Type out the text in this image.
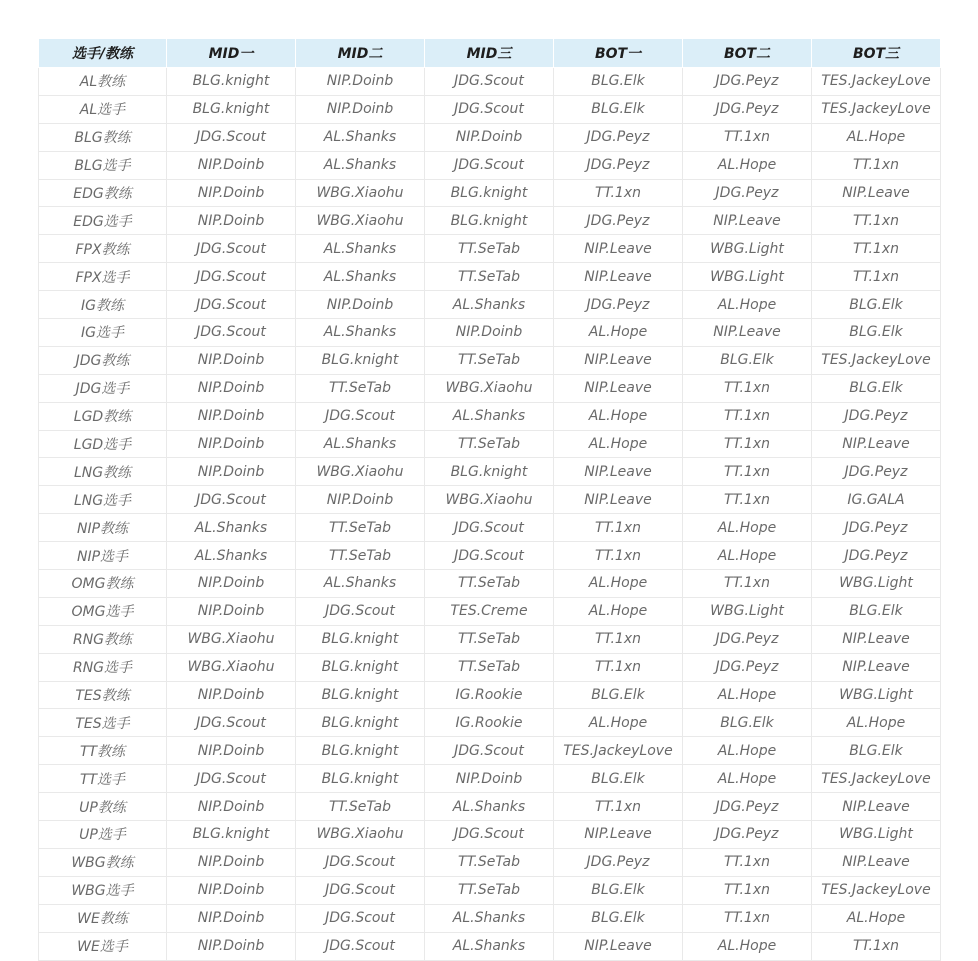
选手/教练	MID一	MID二	MID三	BOT一	BOT二	BOT三
AL教练	BLG.knight	NIP.Doinb	JDG.Scout	BLG.Elk	JDG.Peyz	TES.JackeyLove
AL选手	BLG.knight	NIP.Doinb	JDG.Scout	BLG.Elk	JDG.Peyz	TES.JackeyLove
BLG教练	JDG.Scout	AL.Shanks	NIP.Doinb	JDG.Peyz	TT.1xn	AL.Hope
BLG选手	NIP.Doinb	AL.Shanks	JDG.Scout	JDG.Peyz	AL.Hope	TT.1xn
EDG教练	NIP.Doinb	WBG.Xiaohu	BLG.knight	TT.1xn	JDG.Peyz	NIP.Leave
EDG选手	NIP.Doinb	WBG.Xiaohu	BLG.knight	JDG.Peyz	NIP.Leave	TT.1xn
FPX教练	JDG.Scout	AL.Shanks	TT.SeTab	NIP.Leave	WBG.Light	TT.1xn
FPX选手	JDG.Scout	AL.Shanks	TT.SeTab	NIP.Leave	WBG.Light	TT.1xn
IG教练	JDG.Scout	NIP.Doinb	AL.Shanks	JDG.Peyz	AL.Hope	BLG.Elk
IG选手	JDG.Scout	AL.Shanks	NIP.Doinb	AL.Hope	NIP.Leave	BLG.Elk
JDG教练	NIP.Doinb	BLG.knight	TT.SeTab	NIP.Leave	BLG.Elk	TES.JackeyLove
JDG选手	NIP.Doinb	TT.SeTab	WBG.Xiaohu	NIP.Leave	TT.1xn	BLG.Elk
LGD教练	NIP.Doinb	JDG.Scout	AL.Shanks	AL.Hope	TT.1xn	JDG.Peyz
LGD选手	NIP.Doinb	AL.Shanks	TT.SeTab	AL.Hope	TT.1xn	NIP.Leave
LNG教练	NIP.Doinb	WBG.Xiaohu	BLG.knight	NIP.Leave	TT.1xn	JDG.Peyz
LNG选手	JDG.Scout	NIP.Doinb	WBG.Xiaohu	NIP.Leave	TT.1xn	IG.GALA
NIP教练	AL.Shanks	TT.SeTab	JDG.Scout	TT.1xn	AL.Hope	JDG.Peyz
NIP选手	AL.Shanks	TT.SeTab	JDG.Scout	TT.1xn	AL.Hope	JDG.Peyz
OMG教练	NIP.Doinb	AL.Shanks	TT.SeTab	AL.Hope	TT.1xn	WBG.Light
OMG选手	NIP.Doinb	JDG.Scout	TES.Creme	AL.Hope	WBG.Light	BLG.Elk
RNG教练	WBG.Xiaohu	BLG.knight	TT.SeTab	TT.1xn	JDG.Peyz	NIP.Leave
RNG选手	WBG.Xiaohu	BLG.knight	TT.SeTab	TT.1xn	JDG.Peyz	NIP.Leave
TES教练	NIP.Doinb	BLG.knight	IG.Rookie	BLG.Elk	AL.Hope	WBG.Light
TES选手	JDG.Scout	BLG.knight	IG.Rookie	AL.Hope	BLG.Elk	AL.Hope
TT教练	NIP.Doinb	BLG.knight	JDG.Scout	TES.JackeyLove	AL.Hope	BLG.Elk
TT选手	JDG.Scout	BLG.knight	NIP.Doinb	BLG.Elk	AL.Hope	TES.JackeyLove
UP教练	NIP.Doinb	TT.SeTab	AL.Shanks	TT.1xn	JDG.Peyz	NIP.Leave
UP选手	BLG.knight	WBG.Xiaohu	JDG.Scout	NIP.Leave	JDG.Peyz	WBG.Light
WBG教练	NIP.Doinb	JDG.Scout	TT.SeTab	JDG.Peyz	TT.1xn	NIP.Leave
WBG选手	NIP.Doinb	JDG.Scout	TT.SeTab	BLG.Elk	TT.1xn	TES.JackeyLove
WE教练	NIP.Doinb	JDG.Scout	AL.Shanks	BLG.Elk	TT.1xn	AL.Hope
WE选手	NIP.Doinb	JDG.Scout	AL.Shanks	NIP.Leave	AL.Hope	TT.1xn
